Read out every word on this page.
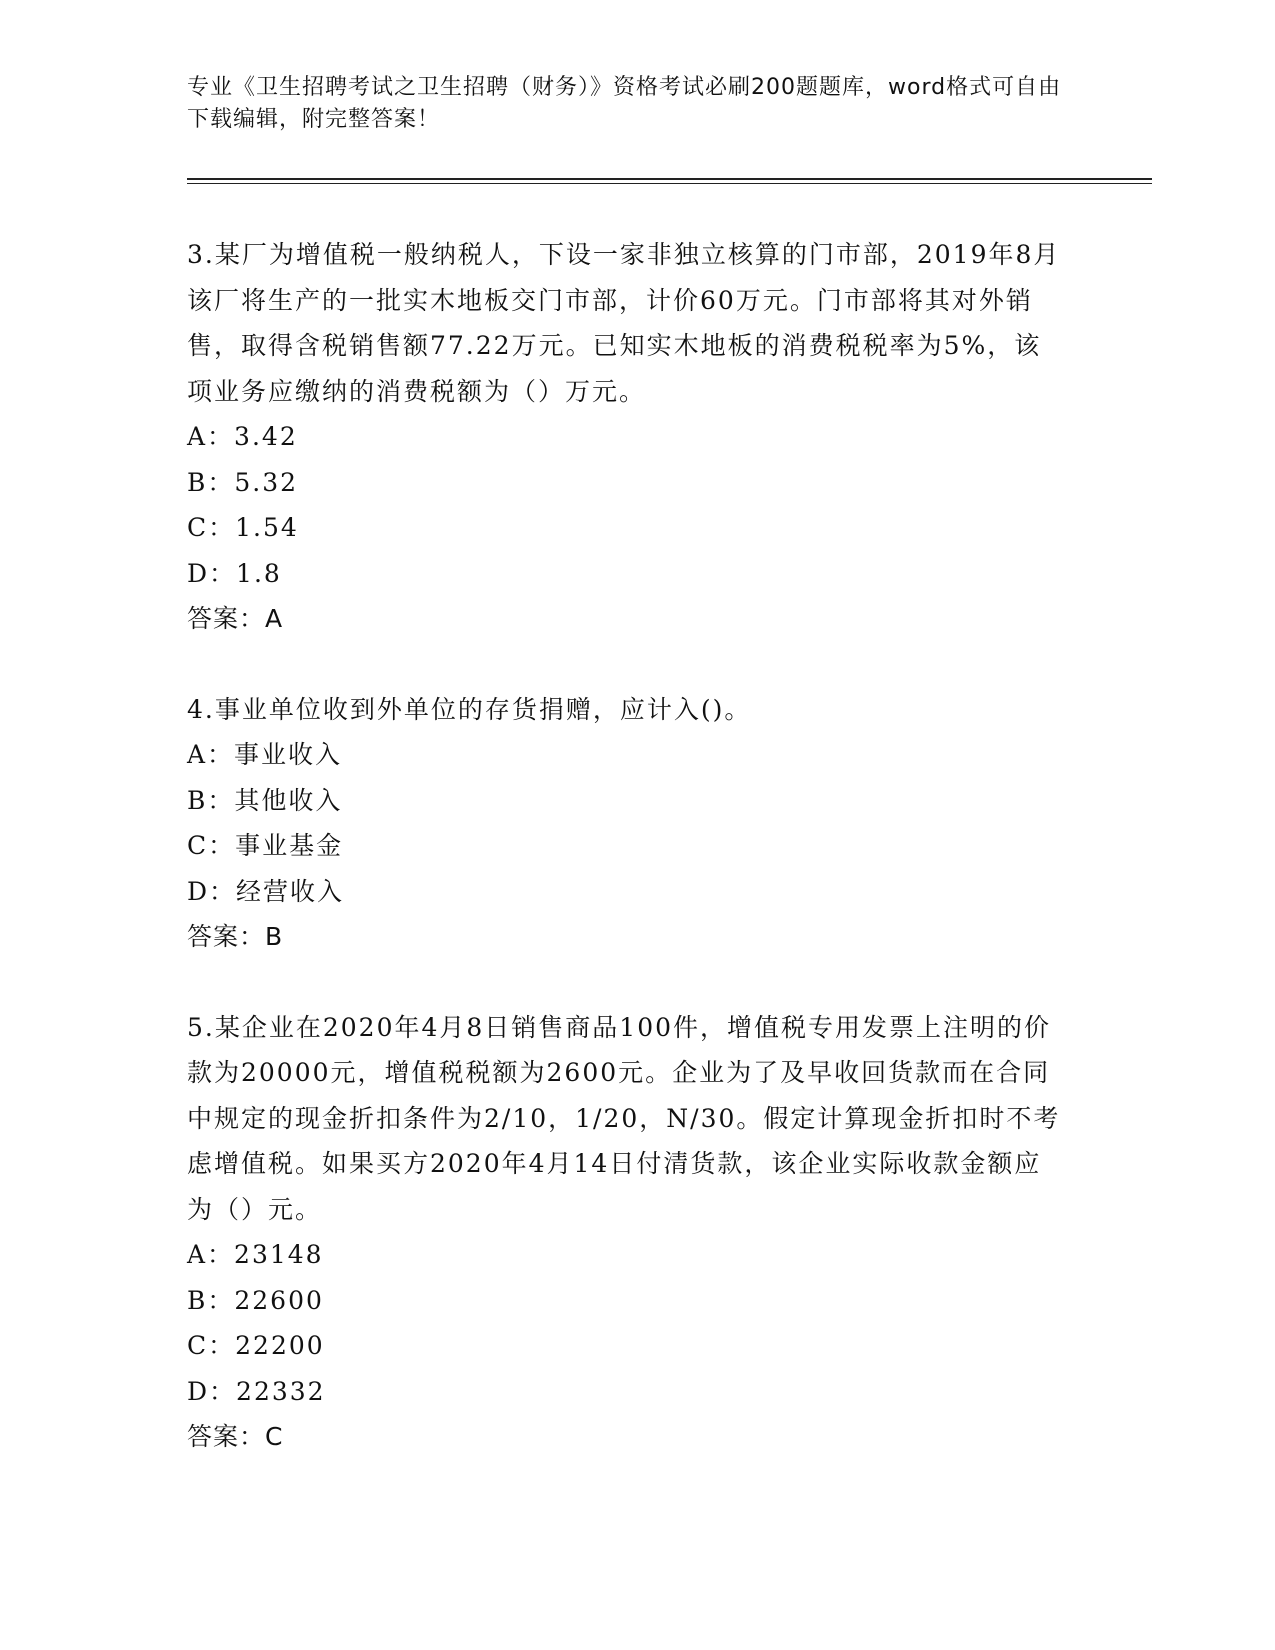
专业《卫生招聘考试之卫生招聘（财务）》资格考试必刷200题题库，word格式可自由下载编辑，附完整答案！
3.某厂为增值税一般纳税人，下设一家非独立核算的门市部，2019年8月该厂将生产的一批实木地板交门市部，计价60万元。门市部将其对外销售，取得含税销售额77.22万元。已知实木地板的消费税税率为5%，该项业务应缴纳的消费税额为（）万元。
A：3.42
B：5.32
C：1.54
D：1.8
答案：A
4.事业单位收到外单位的存货捐赠，应计入()。
A：事业收入
B：其他收入
C：事业基金
D：经营收入
答案：B
5.某企业在2020年4月8日销售商品100件，增值税专用发票上注明的价款为20000元，增值税税额为2600元。企业为了及早收回货款而在合同中规定的现金折扣条件为2/10，1/20，N/30。假定计算现金折扣时不考虑增值税。如果买方2020年4月14日付清货款，该企业实际收款金额应为（）元。
A：23148
B：22600
C：22200
D：22332
答案：C
